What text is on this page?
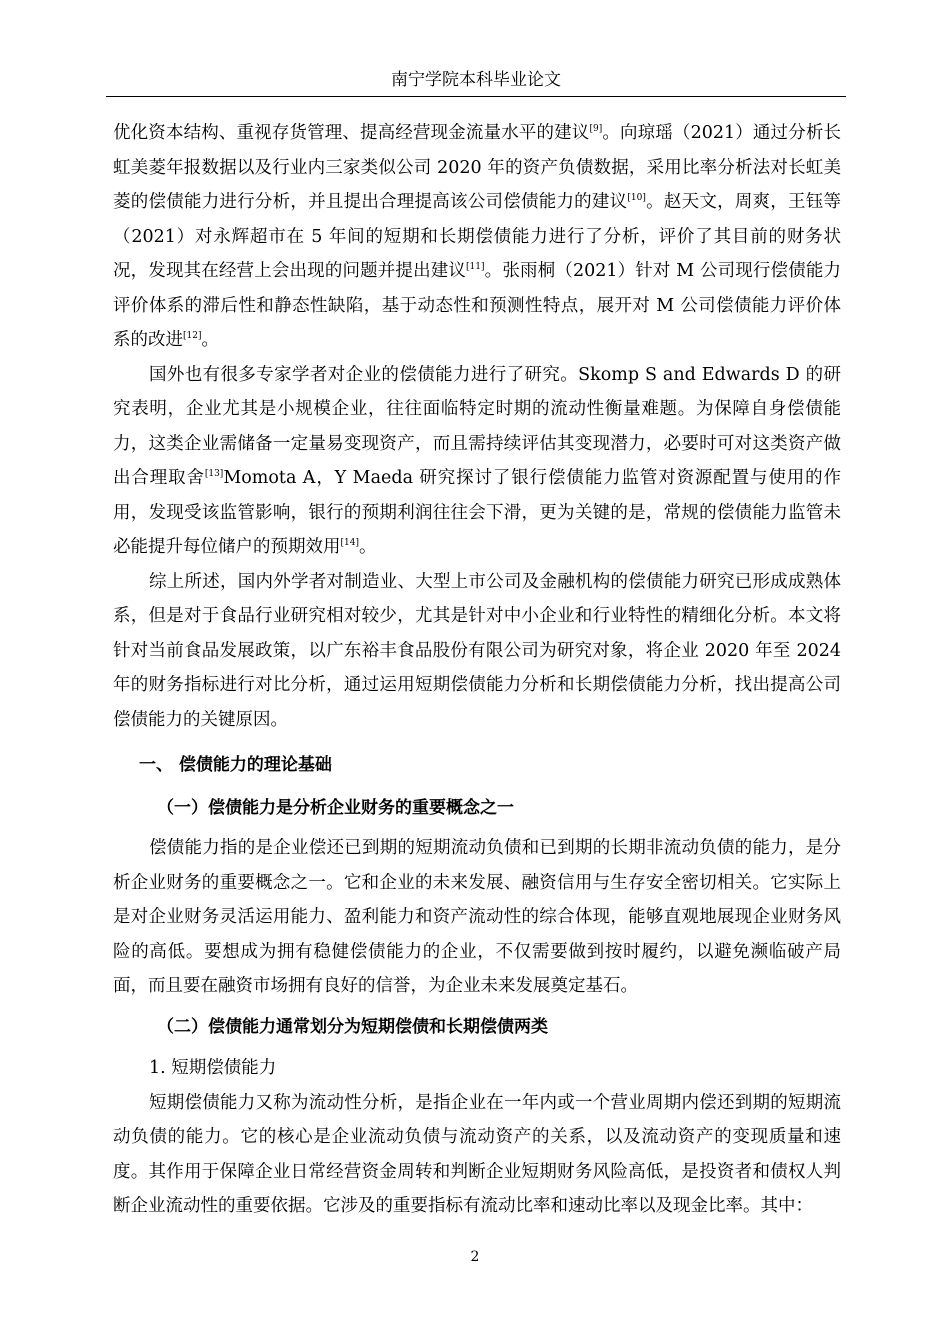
南宁学院本科毕业论文

优化资本结构、重视存货管理、提高经营现金流量水平的建议[9]。向琼瑶（2021）通过分析长虹美菱年报数据以及行业内三家类似公司 2020 年的资产负债数据，采用比率分析法对长虹美菱的偿债能力进行分析，并且提出合理提高该公司偿债能力的建议[10]。赵天文，周爽，王钰等（2021）对永辉超市在 5 年间的短期和长期偿债能力进行了分析，评价了其目前的财务状况，发现其在经营上会出现的问题并提出建议[11]。张雨桐（2021）针对 M 公司现行偿债能力评价体系的滞后性和静态性缺陷，基于动态性和预测性特点，展开对 M 公司偿债能力评价体系的改进[12]。

国外也有很多专家学者对企业的偿债能力进行了研究。Skomp S and Edwards D 的研究表明，企业尤其是小规模企业，往往面临特定时期的流动性衡量难题。为保障自身偿债能力，这类企业需储备一定量易变现资产，而且需持续评估其变现潜力，必要时可对这类资产做出合理取舍[13]Momota A，Y Maeda 研究探讨了银行偿债能力监管对资源配置与使用的作用，发现受该监管影响，银行的预期利润往往会下滑，更为关键的是，常规的偿债能力监管未必能提升每位储户的预期效用[14]。

综上所述，国内外学者对制造业、大型上市公司及金融机构的偿债能力研究已形成成熟体系，但是对于食品行业研究相对较少，尤其是针对中小企业和行业特性的精细化分析。本文将针对当前食品发展政策，以广东裕丰食品股份有限公司为研究对象，将企业 2020 年至 2024 年的财务指标进行对比分析，通过运用短期偿债能力分析和长期偿债能力分析，找出提高公司偿债能力的关键原因。

一、 偿债能力的理论基础
（一）偿债能力是分析企业财务的重要概念之一

偿债能力指的是企业偿还已到期的短期流动负债和已到期的长期非流动负债的能力，是分析企业财务的重要概念之一。它和企业的未来发展、融资信用与生存安全密切相关。它实际上是对企业财务灵活运用能力、盈利能力和资产流动性的综合体现，能够直观地展现企业财务风险的高低。要想成为拥有稳健偿债能力的企业，不仅需要做到按时履约，以避免濒临破产局面，而且要在融资市场拥有良好的信誉，为企业未来发展奠定基石。

（二）偿债能力通常划分为短期偿债和长期偿债两类

1. 短期偿债能力

短期偿债能力又称为流动性分析，是指企业在一年内或一个营业周期内偿还到期的短期流动负债的能力。它的核心是企业流动负债与流动资产的关系，以及流动资产的变现质量和速度。其作用于保障企业日常经营资金周转和判断企业短期财务风险高低，是投资者和债权人判断企业流动性的重要依据。它涉及的重要指标有流动比率和速动比率以及现金比率。其中：

2
